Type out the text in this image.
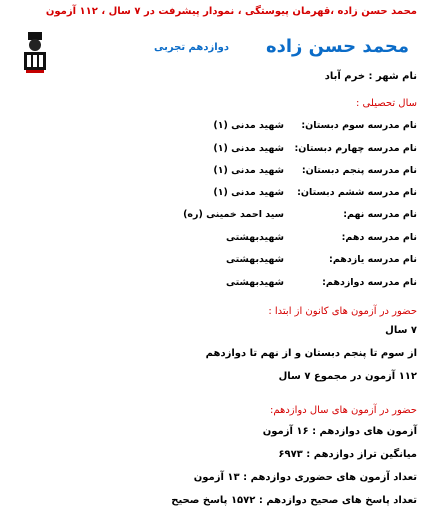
محمد حسن زاده ،قهرمان پیوستگی ، نمودار پیشرفت در ۷ سال ، ۱۱۲ آزمون
محمد حسن زاده
دوازدهم تجربی
نام شهر : خرم آباد
سال تحصیلی :
نام مدرسه سوم دبستان:
شهید مدنی (۱)
نام مدرسه چهارم دبستان:
شهید مدنی (۱)
نام مدرسه پنجم دبستان:
شهید مدنی (۱)
نام مدرسه ششم دبستان:
شهید مدنی (۱)
نام مدرسه نهم:
سید احمد خمینی (ره)
نام مدرسه دهم:
شهیدبهشتی
نام مدرسه یازدهم:
شهیدبهشتی
نام مدرسه دوازدهم:
شهیدبهشتی
حضور در آزمون های کانون از ابتدا :
۷ سال
از سوم تا پنجم دبستان و از نهم تا دوازدهم
۱۱۲ آزمون در مجموع ۷ سال
حضور در آزمون های سال دوازدهم:
آزمون های دوازدهم : ۱۶ آزمون
میانگین تراز دوازدهم : ۶۹۷۳
تعداد آزمون های حضوری دوازدهم : ۱۳ آزمون
تعداد پاسخ های صحیح دوازدهم : ۱۵۷۲ پاسخ صحیح
